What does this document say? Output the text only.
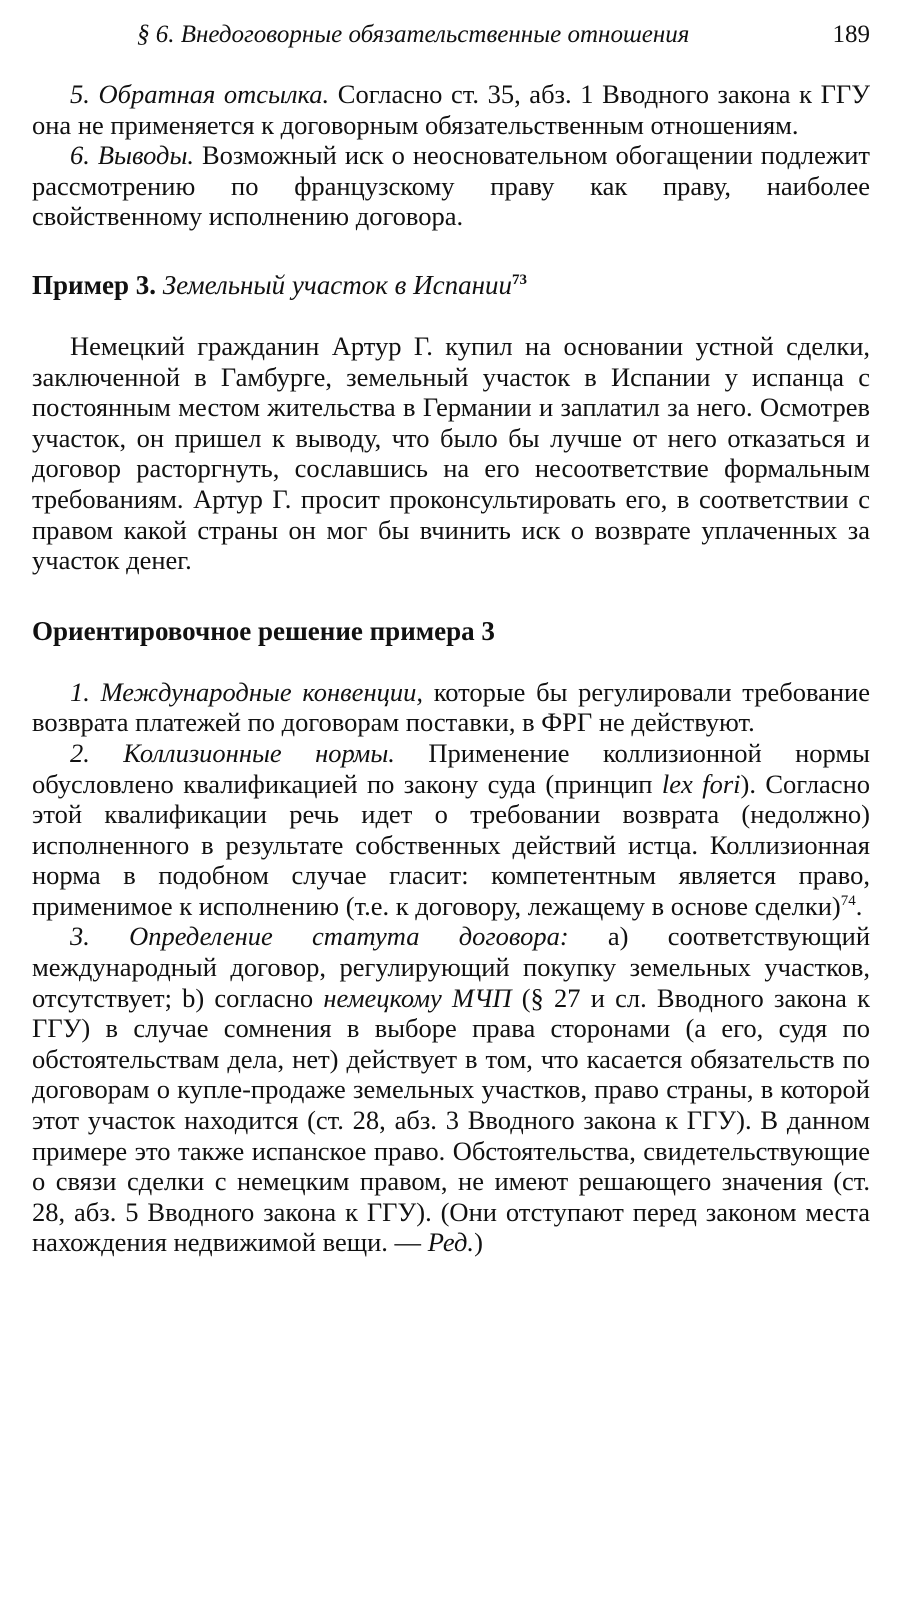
§ 6. Внедоговорные обязательственные отношения	189

5. Обратная отсылка. Согласно ст. 35, абз. 1 Вводного закона к ГГУ она не применяется к договорным обязательственным отношениям.

6. Выводы. Возможный иск о неосновательном обогащении подлежит рассмотрению по французскому праву как праву, наиболее свойственному исполнению договора.

Пример 3. Земельный участок в Испании$^{73}$

Немецкий гражданин Артур Г. купил на основании устной сделки, заключенной в Гамбурге, земельный участок в Испании у испанца с постоянным местом жительства в Германии и заплатил за него. Осмотрев участок, он пришел к выводу, что было бы лучше от него отказаться и договор расторгнуть, сославшись на его несоответствие формальным требованиям. Артур Г. просит проконсультировать его, в соответствии с правом какой страны он мог бы вчинить иск о возврате уплаченных за участок денег.

Ориентировочное решение примера 3

1. Международные конвенции, которые бы регулировали требование возврата платежей по договорам поставки, в ФРГ не действуют.

2. Коллизионные нормы. Применение коллизионной нормы обусловлено квалификацией по закону суда (принцип lex fori). Согласно этой квалификации речь идет о требовании возврата (недолжно) исполненного в результате собственных действий истца. Коллизионная норма в подобном случае гласит: компетентным является право, применимое к исполнению (т.е. к договору, лежащему в основе сделки)$^{74}$.

3. Определение статута договора: а) соответствующий международный договор, регулирующий покупку земельных участков, отсутствует; b) согласно немецкому МЧП (§ 27 и сл. Вводного закона к ГГУ) в случае сомнения в выборе права сторонами (а его, судя по обстоятельствам дела, нет) действует в том, что касается обязательств по договорам о купле-продаже земельных участков, право страны, в которой этот участок находится (ст. 28, абз. 3 Вводного закона к ГГУ). В данном примере это также испанское право. Обстоятельства, свидетельствующие о связи сделки с немецким правом, не имеют решающего значения (ст. 28, абз. 5 Вводного закона к ГГУ). (Они отступают перед законом места нахождения недвижимой вещи. — Ред.)
